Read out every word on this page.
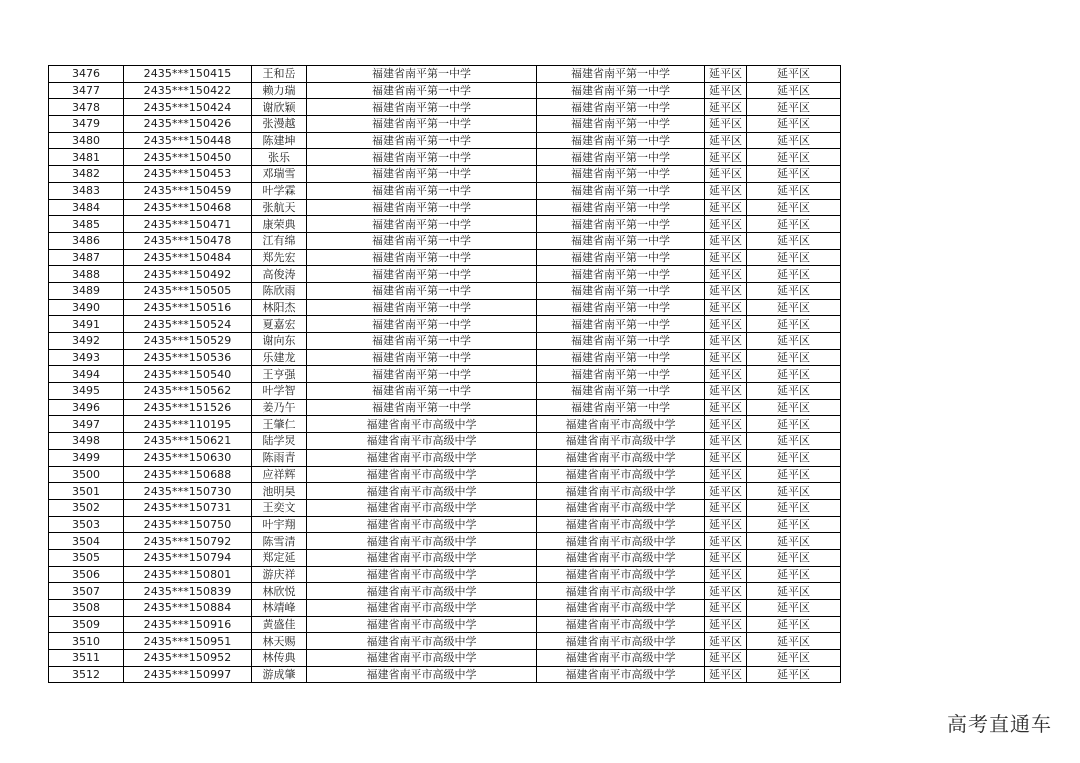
3476	2435***150415	王和岳	福建省南平第一中学	福建省南平第一中学	延平区	延平区
3477	2435***150422	赖力瑞	福建省南平第一中学	福建省南平第一中学	延平区	延平区
3478	2435***150424	谢欣颖	福建省南平第一中学	福建省南平第一中学	延平区	延平区
3479	2435***150426	张漫越	福建省南平第一中学	福建省南平第一中学	延平区	延平区
3480	2435***150448	陈建坤	福建省南平第一中学	福建省南平第一中学	延平区	延平区
3481	2435***150450	张乐	福建省南平第一中学	福建省南平第一中学	延平区	延平区
3482	2435***150453	邓瑞雪	福建省南平第一中学	福建省南平第一中学	延平区	延平区
3483	2435***150459	叶学霖	福建省南平第一中学	福建省南平第一中学	延平区	延平区
3484	2435***150468	张航天	福建省南平第一中学	福建省南平第一中学	延平区	延平区
3485	2435***150471	康荣典	福建省南平第一中学	福建省南平第一中学	延平区	延平区
3486	2435***150478	江有绵	福建省南平第一中学	福建省南平第一中学	延平区	延平区
3487	2435***150484	郑先宏	福建省南平第一中学	福建省南平第一中学	延平区	延平区
3488	2435***150492	高俊涛	福建省南平第一中学	福建省南平第一中学	延平区	延平区
3489	2435***150505	陈欣雨	福建省南平第一中学	福建省南平第一中学	延平区	延平区
3490	2435***150516	林阳杰	福建省南平第一中学	福建省南平第一中学	延平区	延平区
3491	2435***150524	夏嘉宏	福建省南平第一中学	福建省南平第一中学	延平区	延平区
3492	2435***150529	谢向东	福建省南平第一中学	福建省南平第一中学	延平区	延平区
3493	2435***150536	乐建龙	福建省南平第一中学	福建省南平第一中学	延平区	延平区
3494	2435***150540	王亨强	福建省南平第一中学	福建省南平第一中学	延平区	延平区
3495	2435***150562	叶学智	福建省南平第一中学	福建省南平第一中学	延平区	延平区
3496	2435***151526	姜乃午	福建省南平第一中学	福建省南平第一中学	延平区	延平区
3497	2435***110195	王肇仁	福建省南平市高级中学	福建省南平市高级中学	延平区	延平区
3498	2435***150621	陆学炅	福建省南平市高级中学	福建省南平市高级中学	延平区	延平区
3499	2435***150630	陈雨青	福建省南平市高级中学	福建省南平市高级中学	延平区	延平区
3500	2435***150688	应祥辉	福建省南平市高级中学	福建省南平市高级中学	延平区	延平区
3501	2435***150730	池明昊	福建省南平市高级中学	福建省南平市高级中学	延平区	延平区
3502	2435***150731	王奕文	福建省南平市高级中学	福建省南平市高级中学	延平区	延平区
3503	2435***150750	叶宇翔	福建省南平市高级中学	福建省南平市高级中学	延平区	延平区
3504	2435***150792	陈雪清	福建省南平市高级中学	福建省南平市高级中学	延平区	延平区
3505	2435***150794	郑定延	福建省南平市高级中学	福建省南平市高级中学	延平区	延平区
3506	2435***150801	游庆祥	福建省南平市高级中学	福建省南平市高级中学	延平区	延平区
3507	2435***150839	林欣悦	福建省南平市高级中学	福建省南平市高级中学	延平区	延平区
3508	2435***150884	林靖峰	福建省南平市高级中学	福建省南平市高级中学	延平区	延平区
3509	2435***150916	黄盛佳	福建省南平市高级中学	福建省南平市高级中学	延平区	延平区
3510	2435***150951	林天赐	福建省南平市高级中学	福建省南平市高级中学	延平区	延平区
3511	2435***150952	林传典	福建省南平市高级中学	福建省南平市高级中学	延平区	延平区
3512	2435***150997	游成肇	福建省南平市高级中学	福建省南平市高级中学	延平区	延平区
高考直通车
